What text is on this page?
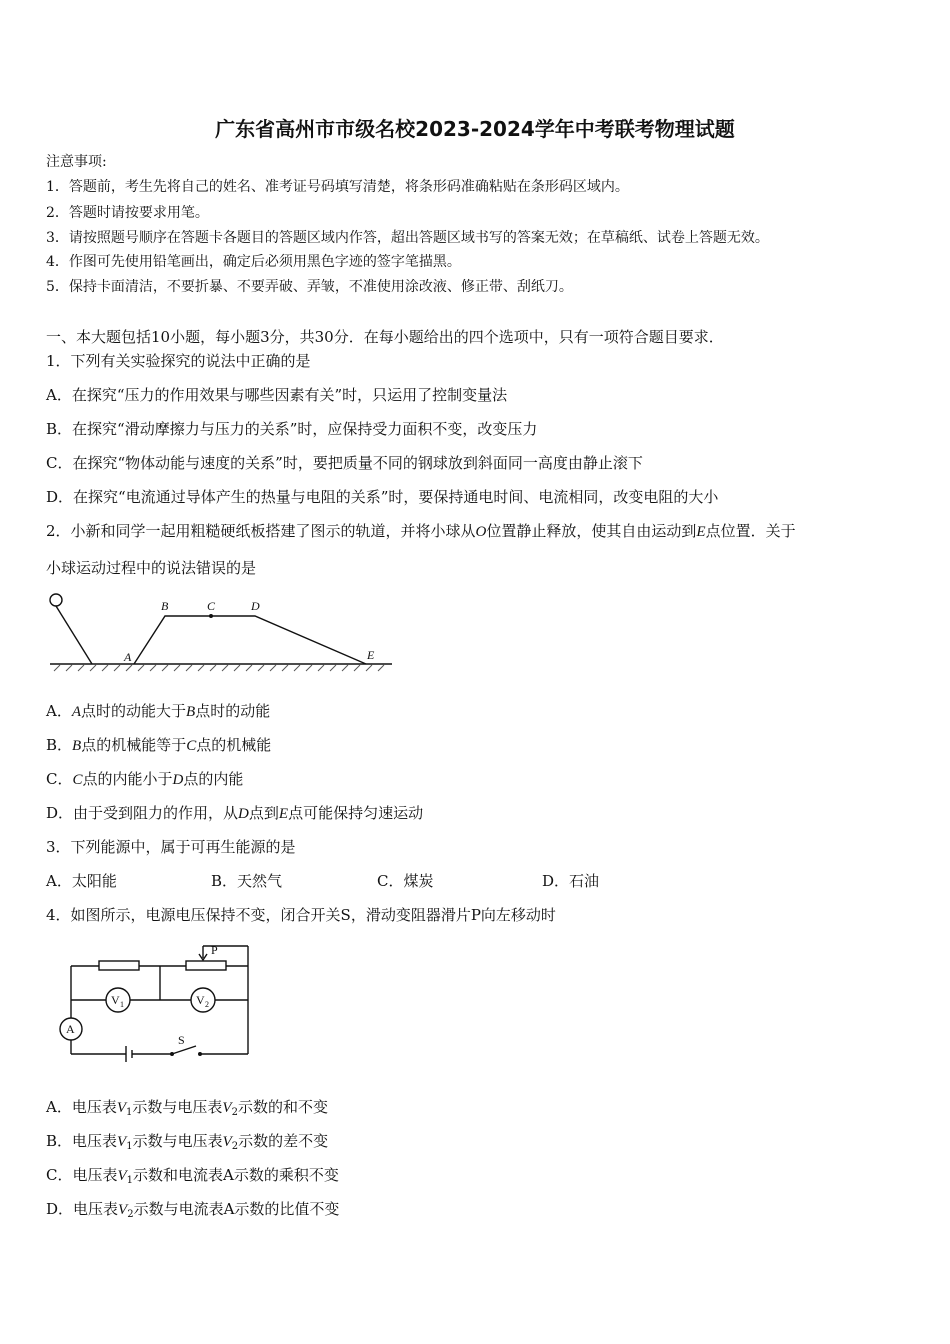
广东省高州市市级名校2023-2024学年中考联考物理试题
注意事项:
1．答题前，考生先将自己的姓名、准考证号码填写清楚，将条形码准确粘贴在条形码区域内。
2．答题时请按要求用笔。
3．请按照题号顺序在答题卡各题目的答题区域内作答，超出答题区域书写的答案无效；在草稿纸、试卷上答题无效。
4．作图可先使用铅笔画出，确定后必须用黑色字迹的签字笔描黑。
5．保持卡面清洁，不要折暴、不要弄破、弄皱，不准使用涂改液、修正带、刮纸刀。
一、本大题包括10小题，每小题3分，共30分．在每小题给出的四个选项中，只有一项符合题目要求．
1．下列有关实验探究的说法中正确的是
A．在探究“压力的作用效果与哪些因素有关”时，只运用了控制变量法
B．在探究“滑动摩擦力与压力的关系”时，应保持受力面积不变，改变压力
C．在探究“物体动能与速度的关系”时，要把质量不同的钢球放到斜面同一高度由静止滚下
D．在探究“电流通过导体产生的热量与电阻的关系”时，要保持通电时间、电流相同，改变电阻的大小
2．小新和同学一起用粗糙硬纸板搭建了图示的轨道，并将小球从O位置静止释放，使其自由运动到E点位置．关于
小球运动过程中的说法错误的是
A
B	C	D
E
A．A点时的动能大于B点时的动能
B．B点的机械能等于C点的机械能
C．C点的内能小于D点的内能
D．由于受到阻力的作用，从D点到E点可能保持匀速运动
3．下列能源中，属于可再生能源的是
A．太阳能	B．天然气	C．煤炭	D．石油
4．如图所示，电源电压保持不变，闭合开关S，滑动变阻器滑片P向左移动时
P
S
A
V 1	V 2
A．电压表$V_1$示数与电压表$V_2$示数的和不变
B．电压表$V_1$示数与电压表$V_2$示数的差不变
C．电压表$V_1$示数和电流表A示数的乘积不变
D．电压表$V_2$示数与电流表A示数的比值不变
